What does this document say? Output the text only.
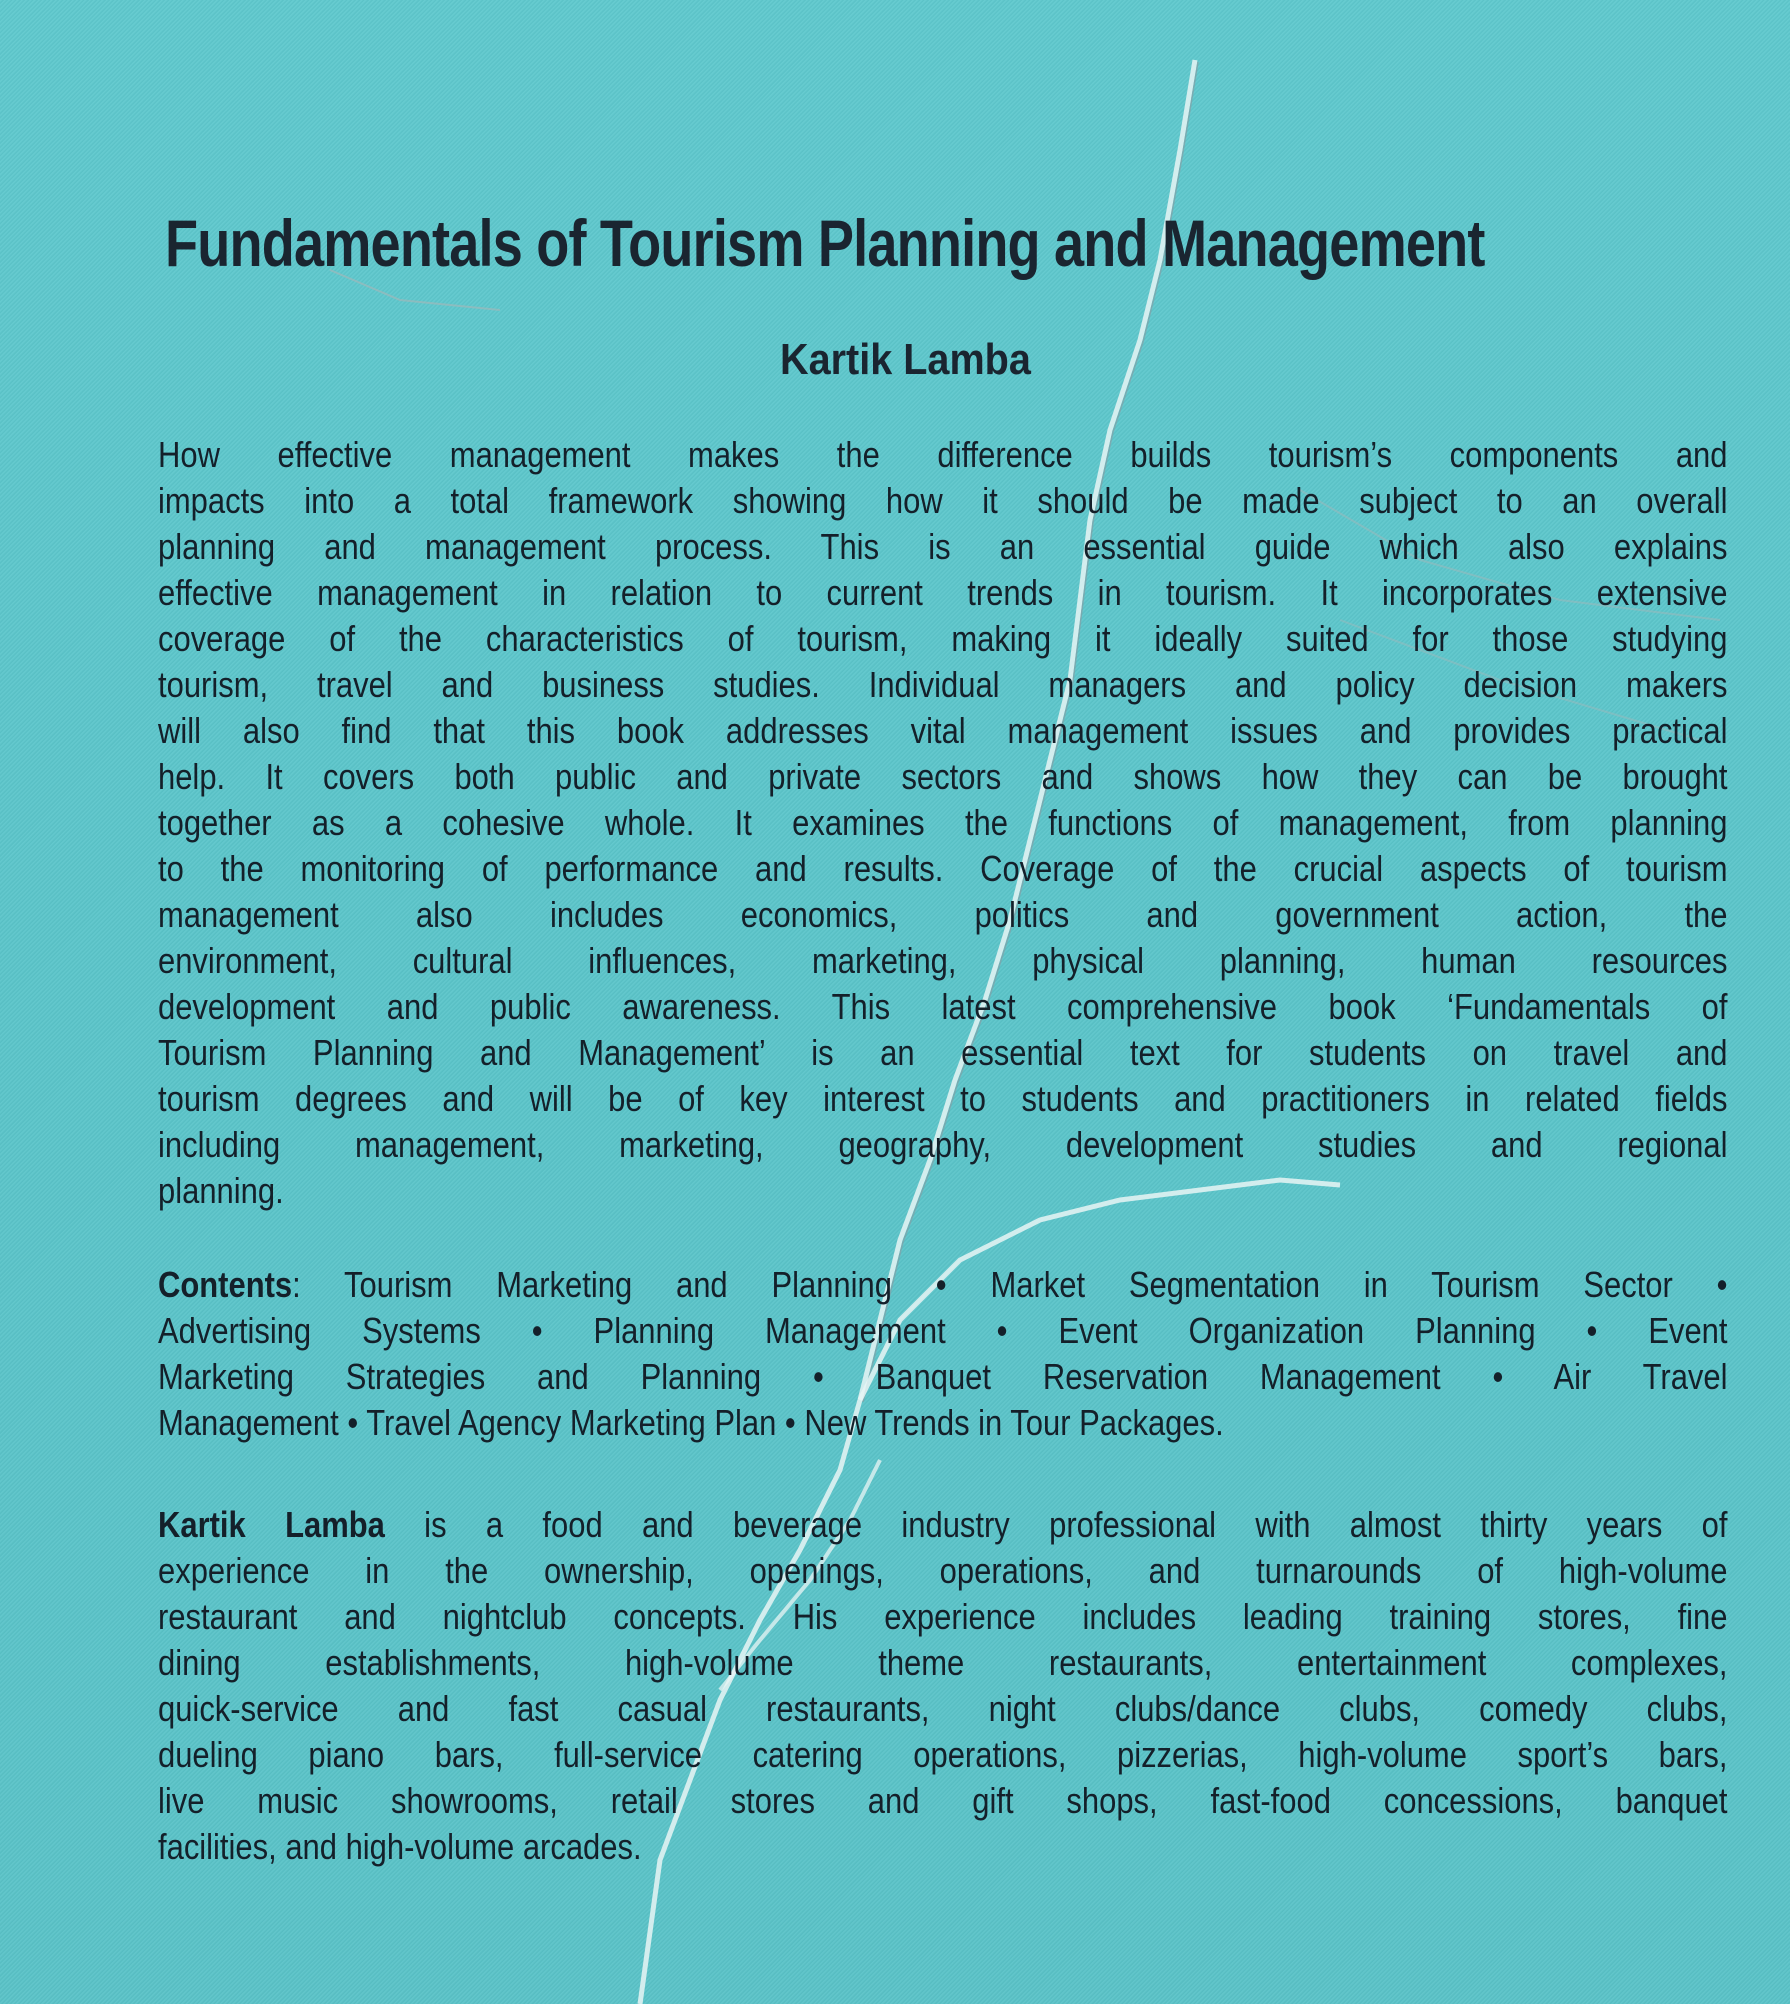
Fundamentals of Tourism Planning and Management
Kartik Lamba
How effective management makes the difference builds tourism’s components and
impacts into a total framework showing how it should be made subject to an overall
planning and management process. This is an essential guide which also explains
effective management in relation to current trends in tourism. It incorporates extensive
coverage of the characteristics of tourism, making it ideally suited for those studying
tourism, travel and business studies. Individual managers and policy decision makers
will also find that this book addresses vital management issues and provides practical
help. It covers both public and private sectors and shows how they can be brought
together as a cohesive whole. It examines the functions of management, from planning
to the monitoring of performance and results. Coverage of the crucial aspects of tourism
management also includes economics, politics and government action, the
environment, cultural influences, marketing, physical planning, human resources
development and public awareness. This latest comprehensive book ‘Fundamentals of
Tourism Planning and Management’ is an essential text for students on travel and
tourism degrees and will be of key interest to students and practitioners in related fields
including management, marketing, geography, development studies and regional
planning.
Contents: Tourism Marketing and Planning • Market Segmentation in Tourism Sector •
Advertising Systems • Planning Management • Event Organization Planning • Event
Marketing Strategies and Planning • Banquet Reservation Management • Air Travel
Management • Travel Agency Marketing Plan • New Trends in Tour Packages.
Kartik Lamba is a food and beverage industry professional with almost thirty years of
experience in the ownership, openings, operations, and turnarounds of high-volume
restaurant and nightclub concepts. His experience includes leading training stores, fine
dining establishments, high-volume theme restaurants, entertainment complexes,
quick-service and fast casual restaurants, night clubs/dance clubs, comedy clubs,
dueling piano bars, full-service catering operations, pizzerias, high-volume sport’s bars,
live music showrooms, retail stores and gift shops, fast-food concessions, banquet
facilities, and high-volume arcades.
